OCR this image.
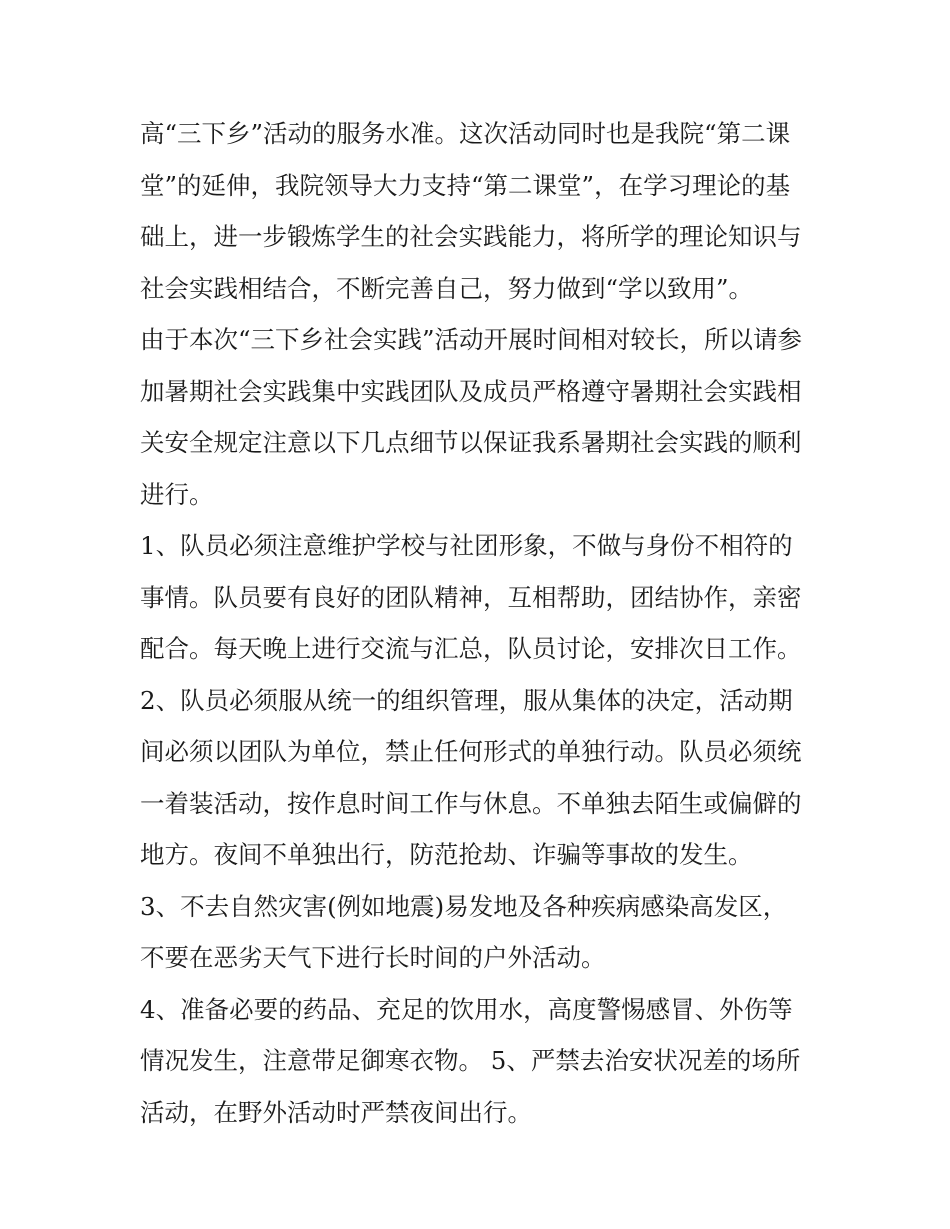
高“三下乡”活动的服务水准。这次活动同时也是我院“第二课
堂”的延伸，我院领导大力支持“第二课堂”，在学习理论的基
础上，进一步锻炼学生的社会实践能力，将所学的理论知识与
社会实践相结合，不断完善自己，努力做到“学以致用”。
由于本次“三下乡社会实践”活动开展时间相对较长，所以请参
加暑期社会实践集中实践团队及成员严格遵守暑期社会实践相
关安全规定注意以下几点细节以保证我系暑期社会实践的顺利
进行。
1、队员必须注意维护学校与社团形象，不做与身份不相符的
事情。队员要有良好的团队精神，互相帮助，团结协作，亲密
配合。每天晚上进行交流与汇总，队员讨论，安排次日工作。
2、队员必须服从统一的组织管理，服从集体的决定，活动期
间必须以团队为单位，禁止任何形式的单独行动。队员必须统
一着装活动，按作息时间工作与休息。不单独去陌生或偏僻的
地方。夜间不单独出行，防范抢劫、诈骗等事故的发生。
3、不去自然灾害(例如地震)易发地及各种疾病感染高发区，
不要在恶劣天气下进行长时间的户外活动。
4、准备必要的药品、充足的饮用水，高度警惕感冒、外伤等
情况发生，注意带足御寒衣物。 5、严禁去治安状况差的场所
活动，在野外活动时严禁夜间出行。
